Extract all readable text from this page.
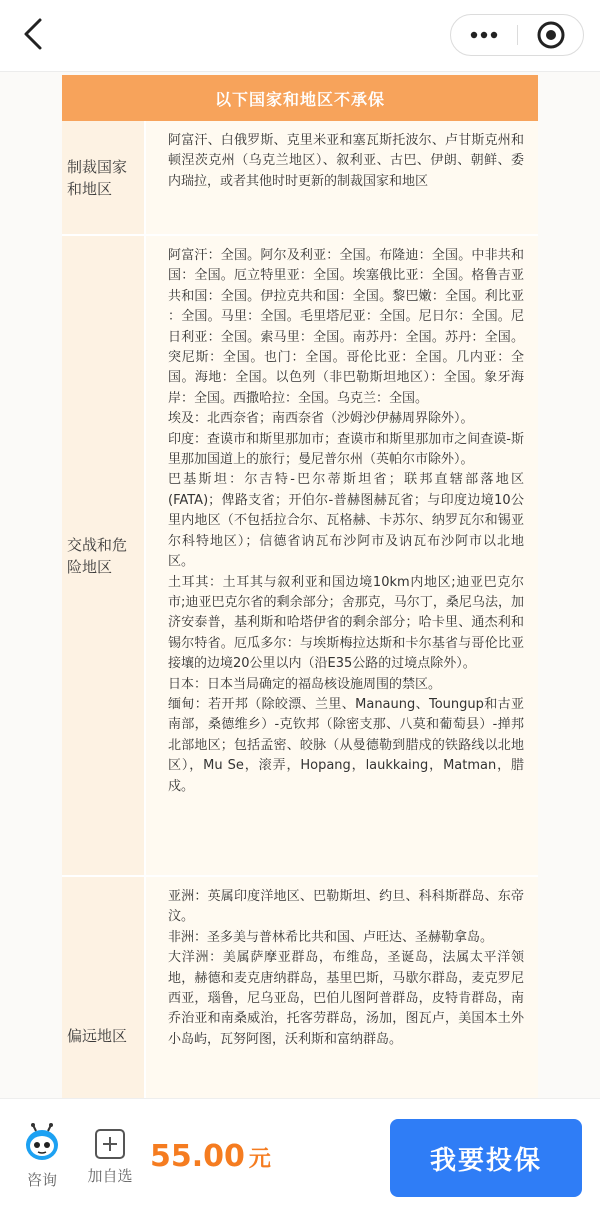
以下国家和地区不承保
制裁国家和地区

阿富汗、白俄罗斯、克里米亚和塞瓦斯托波尔、卢甘斯克州和顿涅茨克州（乌克兰地区）、叙利亚、古巴、伊朗、朝鲜、委内瑞拉，或者其他时时更新的制裁国家和地区

交战和危险地区

阿富汗：全国。阿尔及利亚：全国。布隆迪：全国。中非共和国：全国。厄立特里亚：全国。埃塞俄比亚：全国。格鲁吉亚共和国：全国。伊拉克共和国：全国。黎巴嫩：全国。利比亚 ：全国。马里：全国。毛里塔尼亚：全国。尼日尔：全国。尼日利亚：全国。索马里：全国。南苏丹：全国。苏丹：全国。突尼斯：全国。也门：全国。哥伦比亚：全国。几内亚：全国。海地：全国。以色列（非巴勒斯坦地区）：全国。象牙海岸：全国。西撒哈拉：全国。乌克兰：全国。

埃及：北西奈省；南西奈省（沙姆沙伊赫周界除外）。

印度：查谟市和斯里那加市；查谟市和斯里那加市之间查谟-斯里那加国道上的旅行；曼尼普尔州（英帕尔市除外）。

巴基斯坦：尔吉特-巴尔蒂斯坦省；联邦直辖部落地区(FATA)；俾路支省；开伯尔-普赫图赫瓦省；与印度边境10公里内地区（不包括拉合尔、瓦格赫、卡苏尔、纳罗瓦尔和锡亚尔科特地区）；信德省讷瓦布沙阿市及讷瓦布沙阿市以北地区。

土耳其：土耳其与叙利亚和国边境10km内地区;迪亚巴克尔市;迪亚巴克尔省的剩余部分；舍那克，马尔丁，桑尼乌法，加济安泰普，基利斯和哈塔伊省的剩余部分；哈卡里、通杰利和锡尔特省。厄瓜多尔：与埃斯梅拉达斯和卡尔基省与哥伦比亚接壤的边境20公里以内（沿E35公路的过境点除外）。

日本：日本当局确定的福岛核设施周围的禁区。

缅甸：若开邦（除皎漂、兰里、Manaung、Toungup和古亚南部，桑德维乡）-克钦邦（除密支那、八莫和葡萄县）-掸邦北部地区；包括孟密、皎脉（从曼德勒到腊戍的铁路线以北地区），Mu Se，滚弄，Hopang，laukkaing，Matman，腊戍。

偏远地区

亚洲：英属印度洋地区、巴勒斯坦、约旦、科科斯群岛、东帝汶。

非洲：圣多美与普林希比共和国、卢旺达、圣赫勒拿岛。

大洋洲：美属萨摩亚群岛，布维岛，圣诞岛，法属太平洋领地，赫德和麦克唐纳群岛，基里巴斯，马歇尔群岛，麦克罗尼西亚，瑙鲁，尼乌亚岛，巴伯儿图阿普群岛，皮特肯群岛，南乔治亚和南桑威治，托客劳群岛，汤加，图瓦卢，美国本土外小岛屿，瓦努阿图，沃利斯和富纳群岛。

咨询	加自选
55.00 元	我要投保
